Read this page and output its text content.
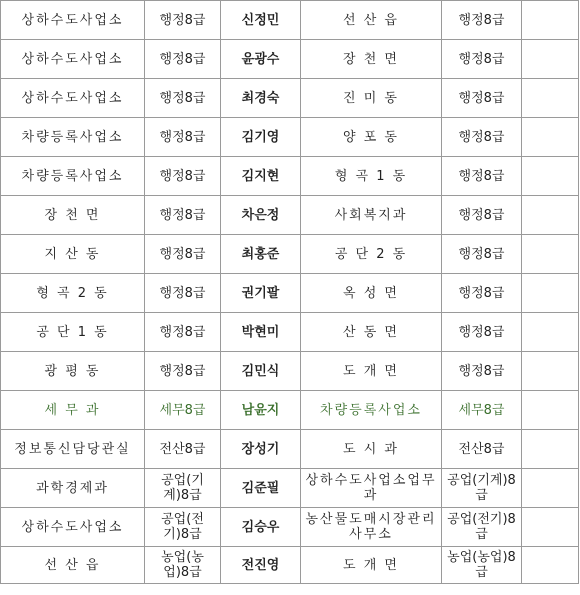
상하수도사업소	행정8급	신정민	선 산 읍	행정8급	
상하수도사업소	행정8급	윤광수	장 천 면	행정8급	
상하수도사업소	행정8급	최경숙	진 미 동	행정8급	
차량등록사업소	행정8급	김기영	양 포 동	행정8급	
차량등록사업소	행정8급	김지현	형 곡 1 동	행정8급	
장 천 면	행정8급	차은정	사회복지과	행정8급	
지 산 동	행정8급	최홍준	공 단 2 동	행정8급	
형 곡 2 동	행정8급	권기팔	옥 성 면	행정8급	
공 단 1 동	행정8급	박현미	산 동 면	행정8급	
광 평 동	행정8급	김민식	도 개 면	행정8급	
세 무 과	세무8급	남윤지	차량등록사업소	세무8급	
정보통신담당관실	전산8급	장성기	도 시 과	전산8급	
과학경제과	공업(기계)8급	김준필	상하수도사업소업무과	공업(기계)8급	
상하수도사업소	공업(전기)8급	김승우	농산물도매시장관리사무소	공업(전기)8급	
선 산 읍	농업(농업)8급	전진영	도 개 면	농업(농업)8급	
